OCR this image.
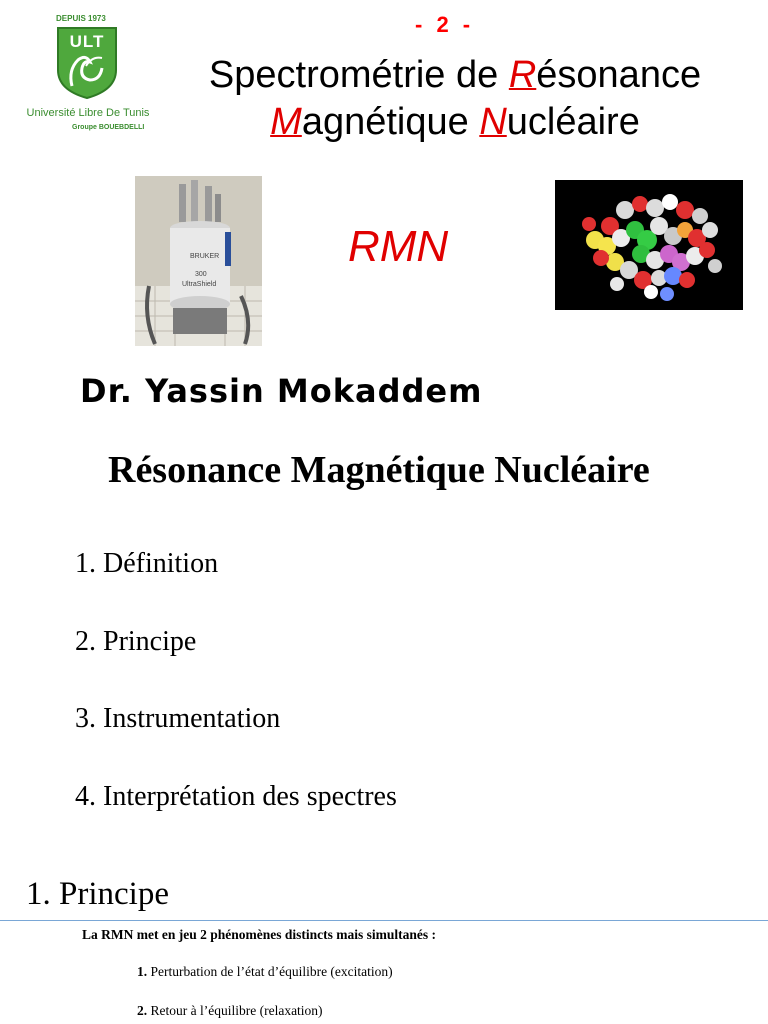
- 2 -
DEPUIS 1973
ULT
Université Libre De Tunis
Groupe BOUEBDELLI
Spectrométrie de Résonance
Magnétique Nucléaire
BRUKER
300
UltraShield
RMN
Dr. Yassin Mokaddem
Résonance Magnétique Nucléaire
1. Définition
2. Principe
3. Instrumentation
4. Interprétation des spectres
1. Principe
La RMN met en jeu 2 phénomènes distincts mais simultanés :
1. Perturbation de l’état d’équilibre (excitation)
2. Retour à l’équilibre (relaxation)
